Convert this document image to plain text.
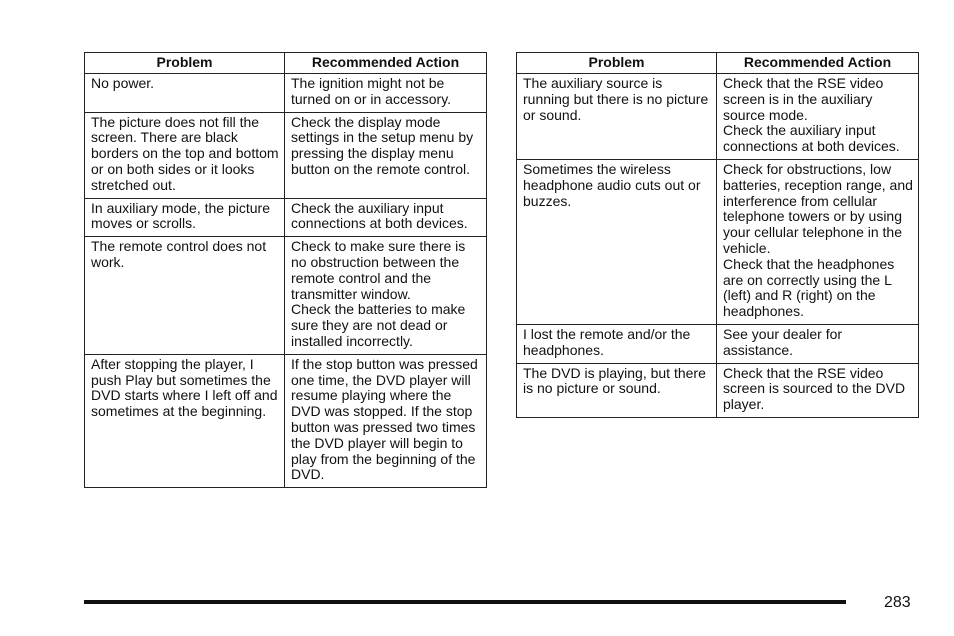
Problem	Recommended Action

No power.	The ignition might not be turned on or in accessory.

The picture does not fill the screen. There are black borders on the top and bottom or on both sides or it looks stretched out.	Check the display mode settings in the setup menu by pressing the display menu button on the remote control.

In auxiliary mode, the picture moves or scrolls.	Check the auxiliary input connections at both devices.

The remote control does not work.	Check to make sure there is no obstruction between the remote control and the transmitter window.
Check the batteries to make sure they are not dead or installed incorrectly.

After stopping the player, I push Play but sometimes the DVD starts where I left off and sometimes at the beginning.	If the stop button was pressed one time, the DVD player will resume playing where the DVD was stopped. If the stop button was pressed two times the DVD player will begin to play from the beginning of the DVD.
Problem	Recommended Action

The auxiliary source is running but there is no picture or sound.	Check that the RSE video screen is in the auxiliary source mode.
Check the auxiliary input connections at both devices.

Sometimes the wireless headphone audio cuts out or buzzes.	Check for obstructions, low batteries, reception range, and interference from cellular telephone towers or by using your cellular telephone in the vehicle.
Check that the headphones are on correctly using the L (left) and R (right) on the headphones.

I lost the remote and/or the headphones.	See your dealer for assistance.

The DVD is playing, but there is no picture or sound.	Check that the RSE video screen is sourced to the DVD player.
283
